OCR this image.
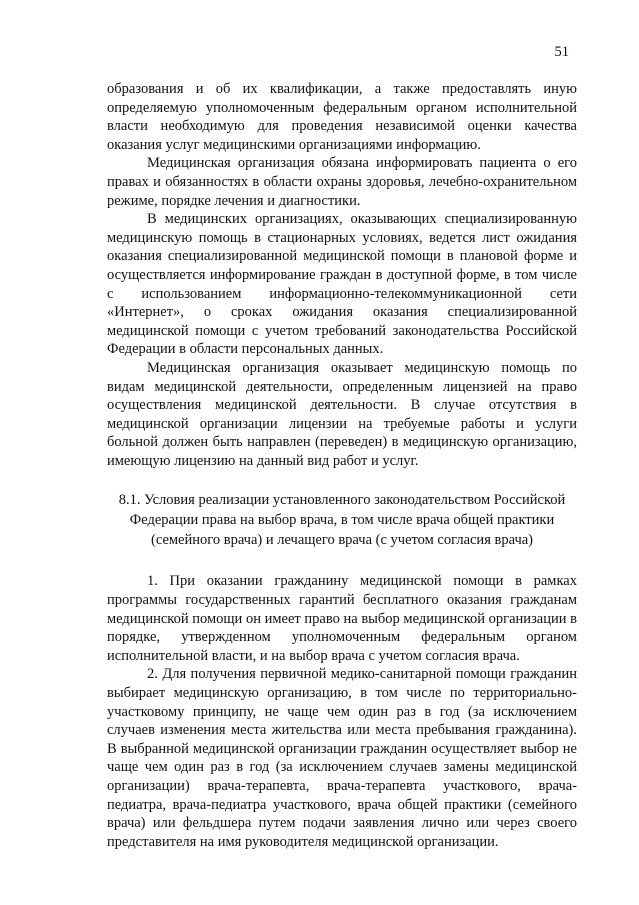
51

образования и об их квалификации, а также предоставлять иную определяемую уполномоченным федеральным органом исполнительной власти необходимую для проведения независимой оценки качества оказания услуг медицинскими организациями информацию.

Медицинская организация обязана информировать пациента о его правах и обязанностях в области охраны здоровья, лечебно-охранительном режиме, порядке лечения и диагностики.

В медицинских организациях, оказывающих специализированную медицинскую помощь в стационарных условиях, ведется лист ожидания оказания специализированной медицинской помощи в плановой форме и осуществляется информирование граждан в доступной форме, в том числе с использованием информационно-телекоммуникационной сети «Интернет», о сроках ожидания оказания специализированной медицинской помощи с учетом требований законодательства Российской Федерации в области персональных данных.

Медицинская организация оказывает медицинскую помощь по видам медицинской деятельности, определенным лицензией на право осуществления медицинской деятельности. В случае отсутствия в медицинской организации лицензии на требуемые работы и услуги больной должен быть направлен (переведен) в медицинскую организацию, имеющую лицензию на данный вид работ и услуг.

8.1. Условия реализации установленного законодательством Российской Федерации права на выбор врача, в том числе врача общей практики (семейного врача) и лечащего врача (с учетом согласия врача)

1. При оказании гражданину медицинской помощи в рамках программы государственных гарантий бесплатного оказания гражданам медицинской помощи он имеет право на выбор медицинской организации в порядке, утвержденном уполномоченным федеральным органом исполнительной власти, и на выбор врача с учетом согласия врача.

2. Для получения первичной медико-санитарной помощи гражданин выбирает медицинскую организацию, в том числе по территориально-участковому принципу, не чаще чем один раз в год (за исключением случаев изменения места жительства или места пребывания гражданина). В выбранной медицинской организации гражданин осуществляет выбор не чаще чем один раз в год (за исключением случаев замены медицинской организации) врача-терапевта, врача-терапевта участкового, врача-педиатра, врача-педиатра участкового, врача общей практики (семейного врача) или фельдшера путем подачи заявления лично или через своего представителя на имя руководителя медицинской организации.
